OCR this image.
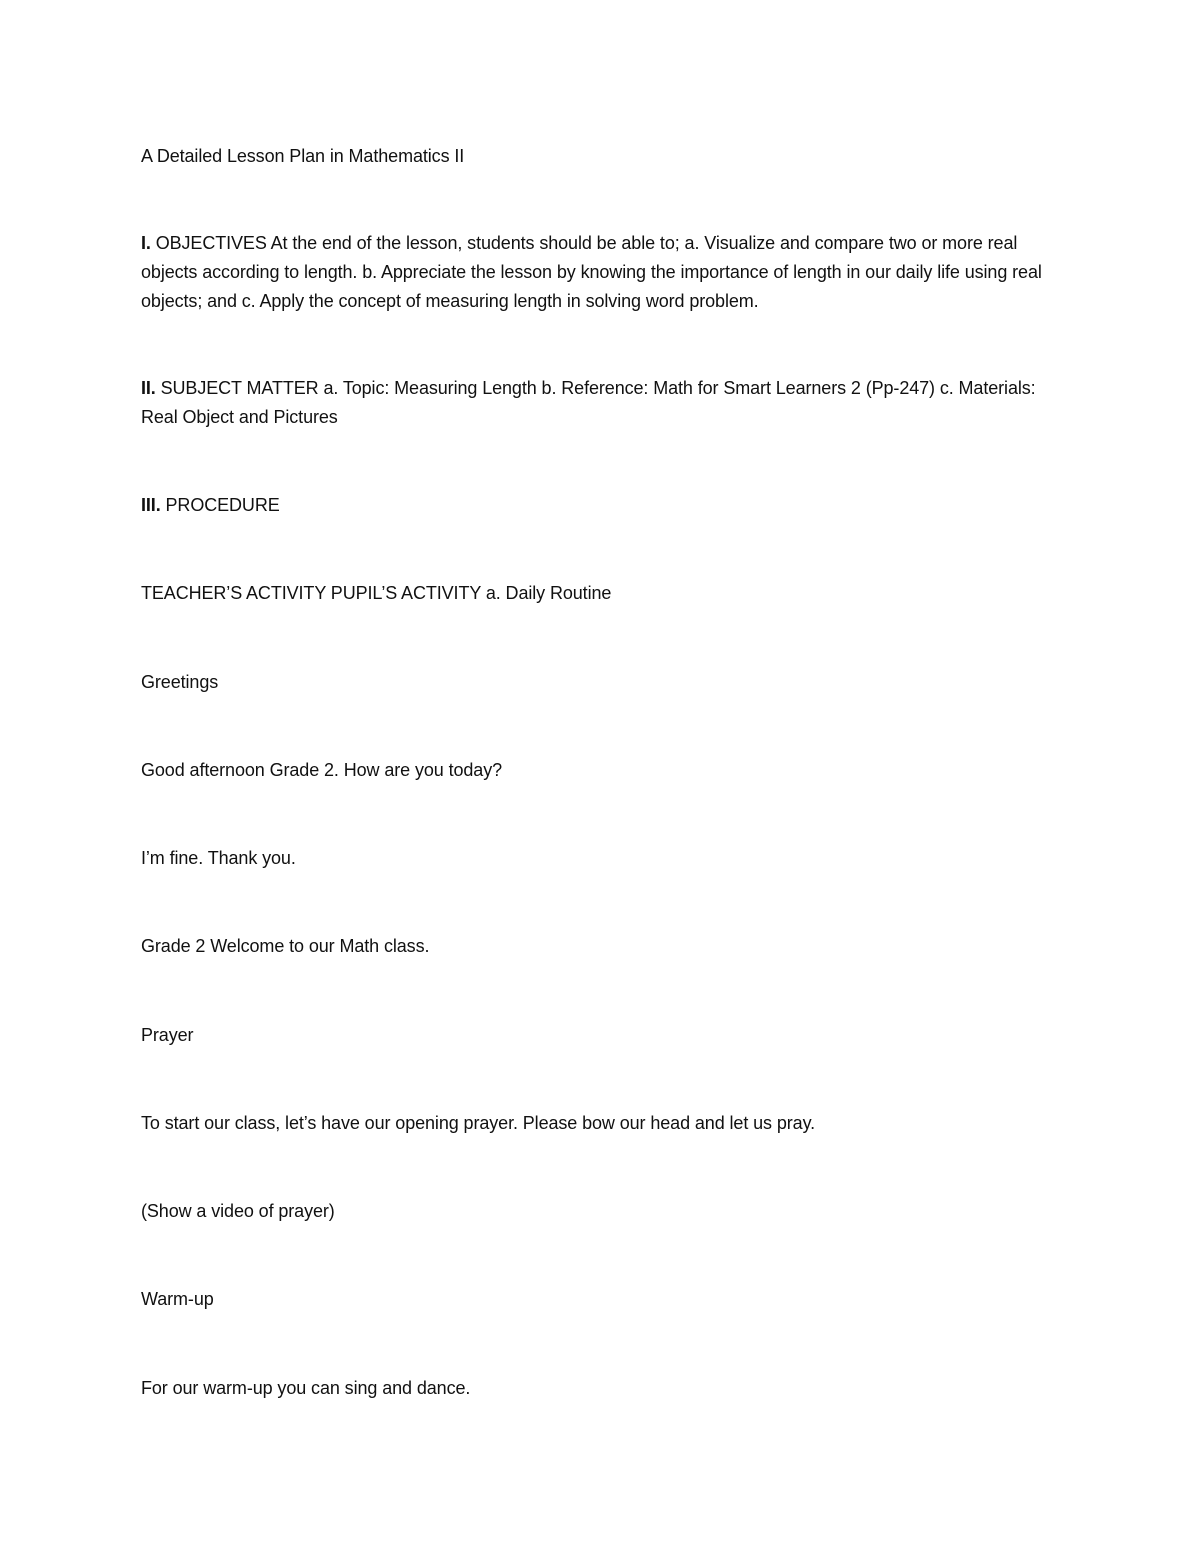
A Detailed Lesson Plan in Mathematics II

I. OBJECTIVES At the end of the lesson, students should be able to; a. Visualize and compare two or more real objects according to length. b. Appreciate the lesson by knowing the importance of length in our daily life using real objects; and c. Apply the concept of measuring length in solving word problem.

II. SUBJECT MATTER a. Topic: Measuring Length b. Reference: Math for Smart Learners 2 (Pp-247) c. Materials: Real Object and Pictures

III. PROCEDURE

TEACHER’S ACTIVITY PUPIL’S ACTIVITY a. Daily Routine

Greetings

Good afternoon Grade 2. How are you today?

I’m fine. Thank you.

Grade 2 Welcome to our Math class.

Prayer

To start our class, let’s have our opening prayer. Please bow our head and let us pray.

(Show a video of prayer)

Warm-up

For our warm-up you can sing and dance.
